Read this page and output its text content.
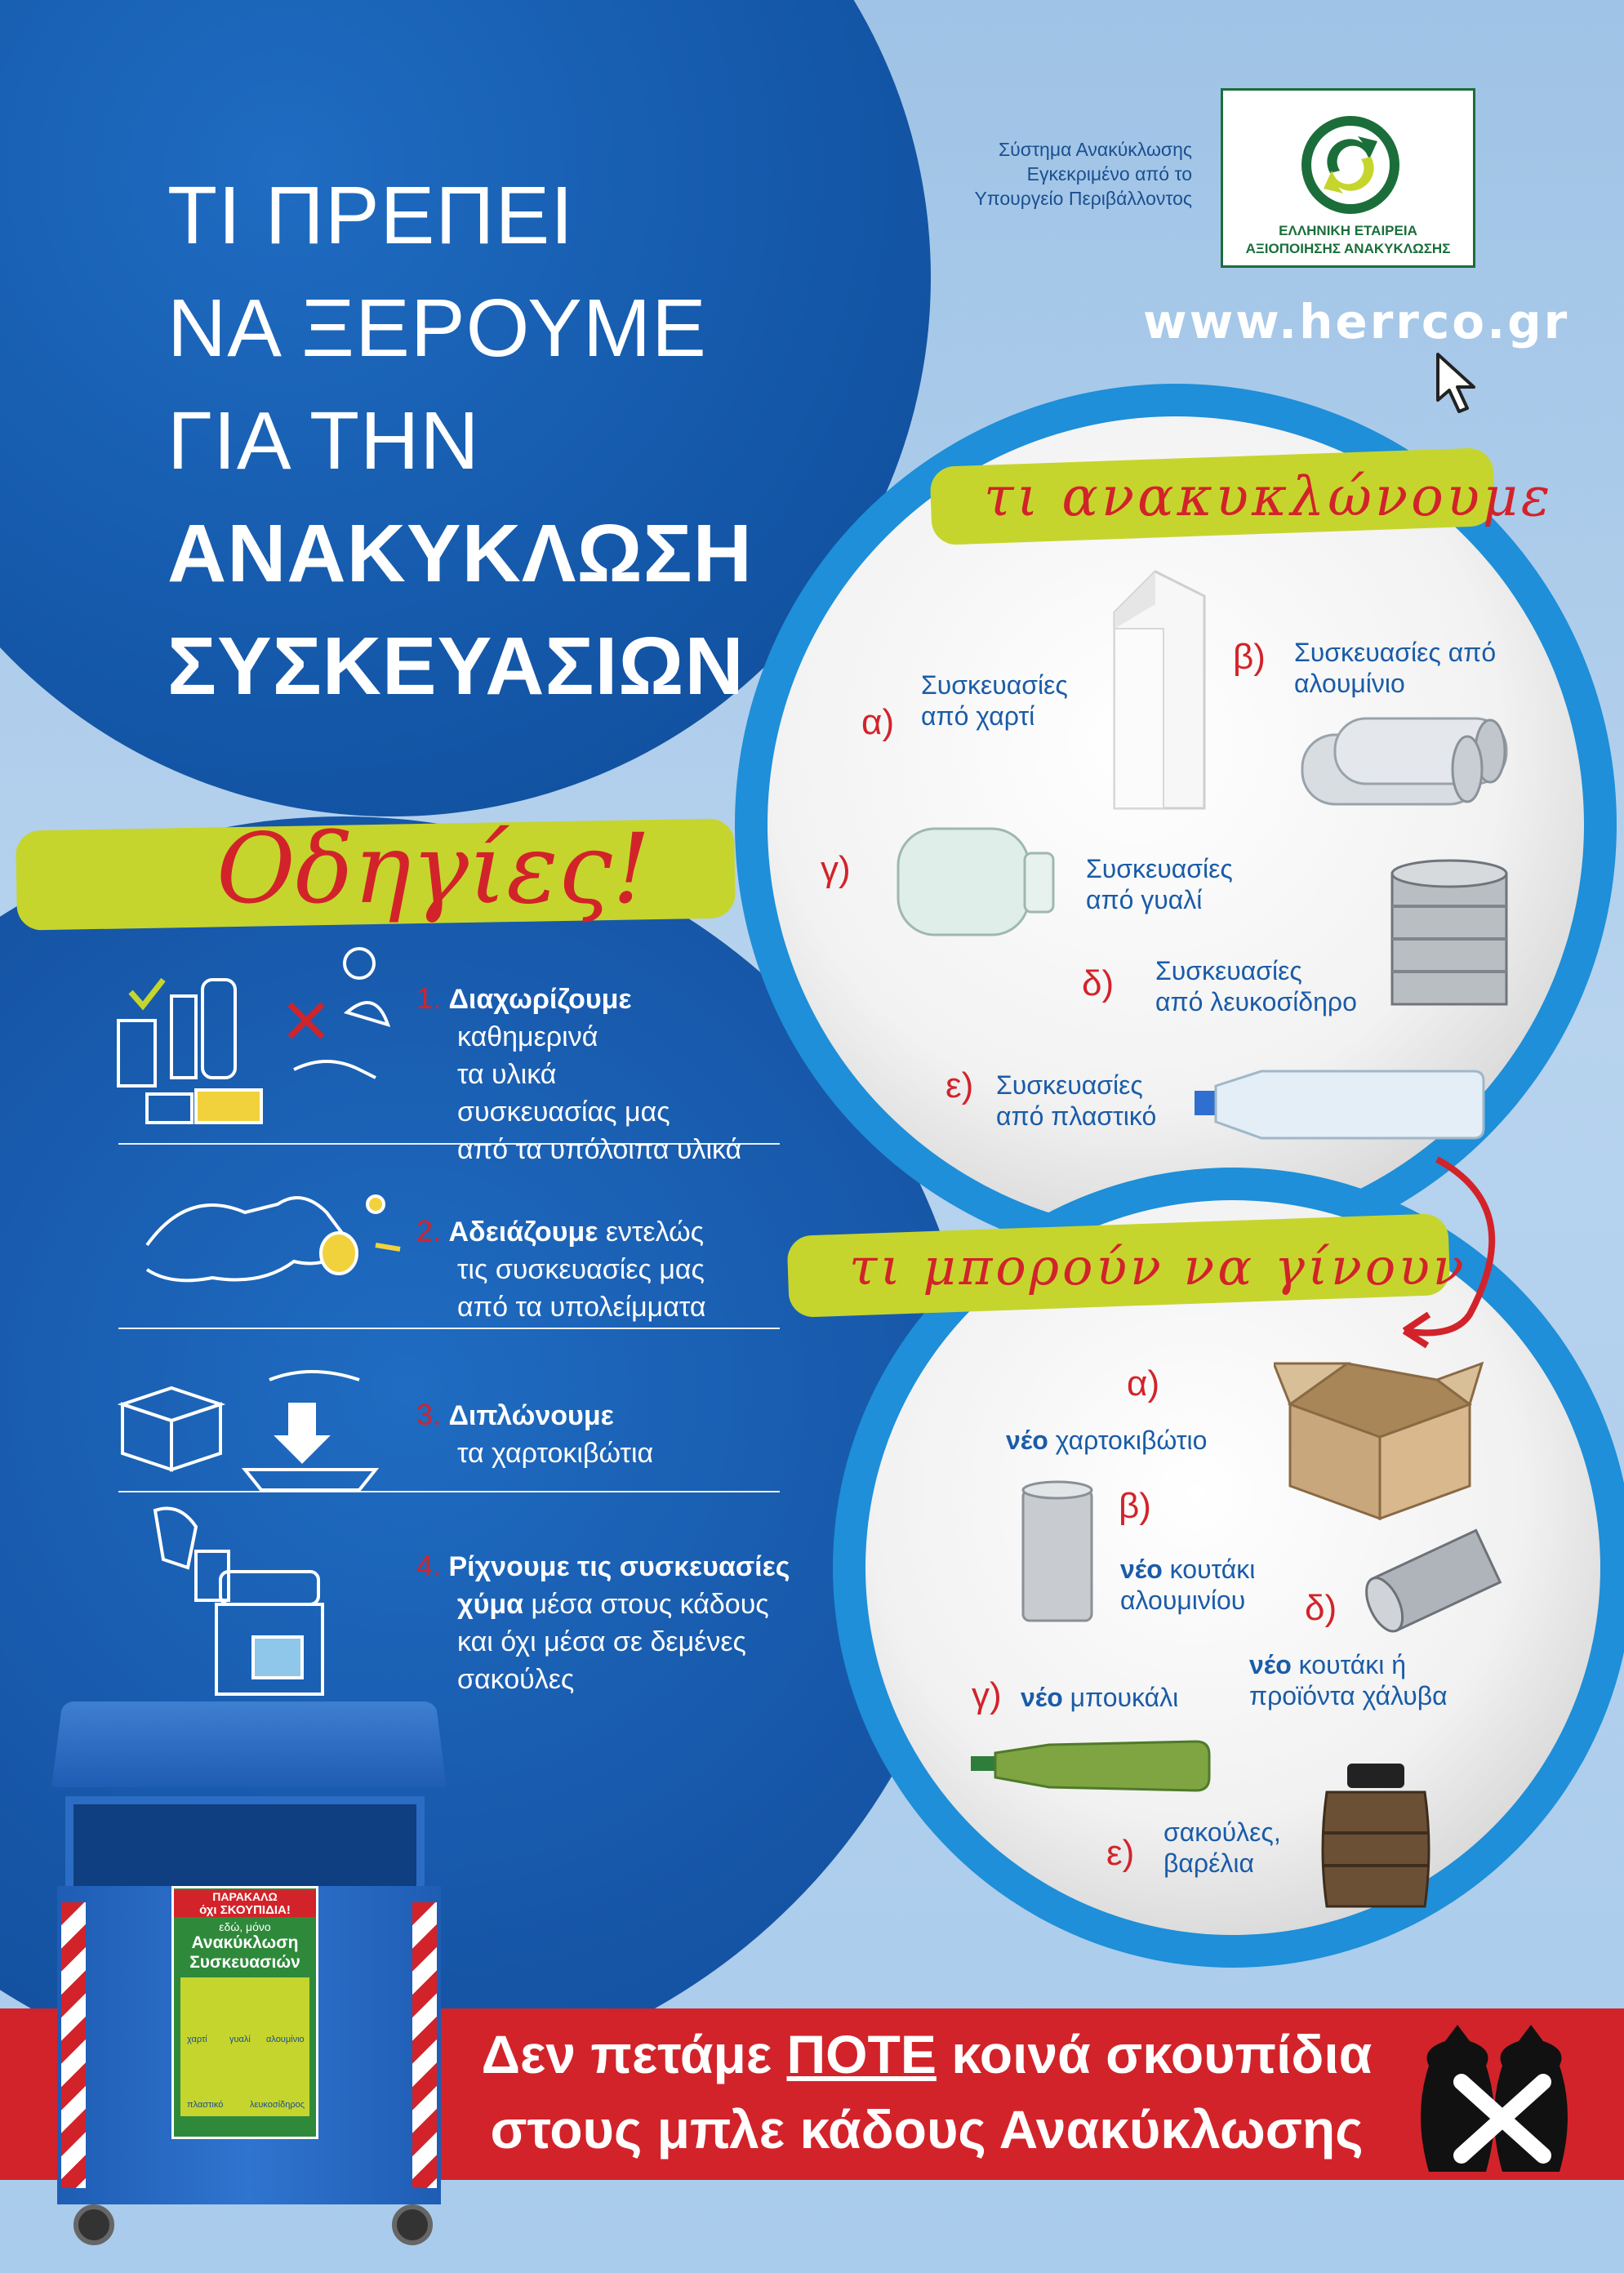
ΤΙ ΠΡΕΠΕΙ
ΝΑ ΞΕΡΟΥΜΕ
ΓΙΑ ΤΗΝ
ΑΝΑΚΥΚΛΩΣΗ
ΣΥΣΚΕΥΑΣΙΩΝ
Σύστημα Ανακύκλωσης
Εγκεκριμένο από το
Υπουργείο Περιβάλλοντος
ΕΛΛΗΝΙΚΗ ΕΤΑΙΡΕΙΑ
ΑΞΙΟΠΟΙΗΣΗΣ ΑΝΑΚΥΚΛΩΣΗΣ
www.herrco.gr
τι ανακυκλώνουμε
α)
Συσκευασίες
από χαρτί
β) Συσκευασίες από
αλουμίνιο
γ)	Συσκευασίες
από γυαλί
δ) Συσκευασίες
από λευκοσίδηρο
ε) Συσκευασίες
από πλαστικό
τι μπορούν να γίνουν
α)
νέο χαρτοκιβώτιο
β)
νέο κουτάκι
αλουμινίου δ)
νέο κουτάκι ή
προϊόντα χάλυβα
γ) νέο μπουκάλι
ε)
σακούλες,
βαρέλια
Οδηγίες!
1. Διαχωρίζουμε
καθημερινά
τα υλικά
συσκευασίας μας
από τα υπόλοιπα υλικά
2. Αδειάζουμε εντελώς
τις συσκευασίες μας
από τα υπολείμματα
3. Διπλώνουμε
τα χαρτοκιβώτια
4. Ρίχνουμε τις συσκευασίες
χύμα μέσα στους κάδους
και όχι μέσα σε δεμένες
σακούλες
Δεν πετάμε ΠΟΤΕ κοινά σκουπίδια
στους μπλε κάδους Ανακύκλωσης
ΠΑΡΑΚΑΛΩ
όχι ΣΚΟΥΠΙΔΙΑ!
εδώ, μόνο
Ανακύκλωση
Συσκευασιών
χαρτί γυαλί αλουμίνιο
πλαστικό	λευκοσίδηρος
